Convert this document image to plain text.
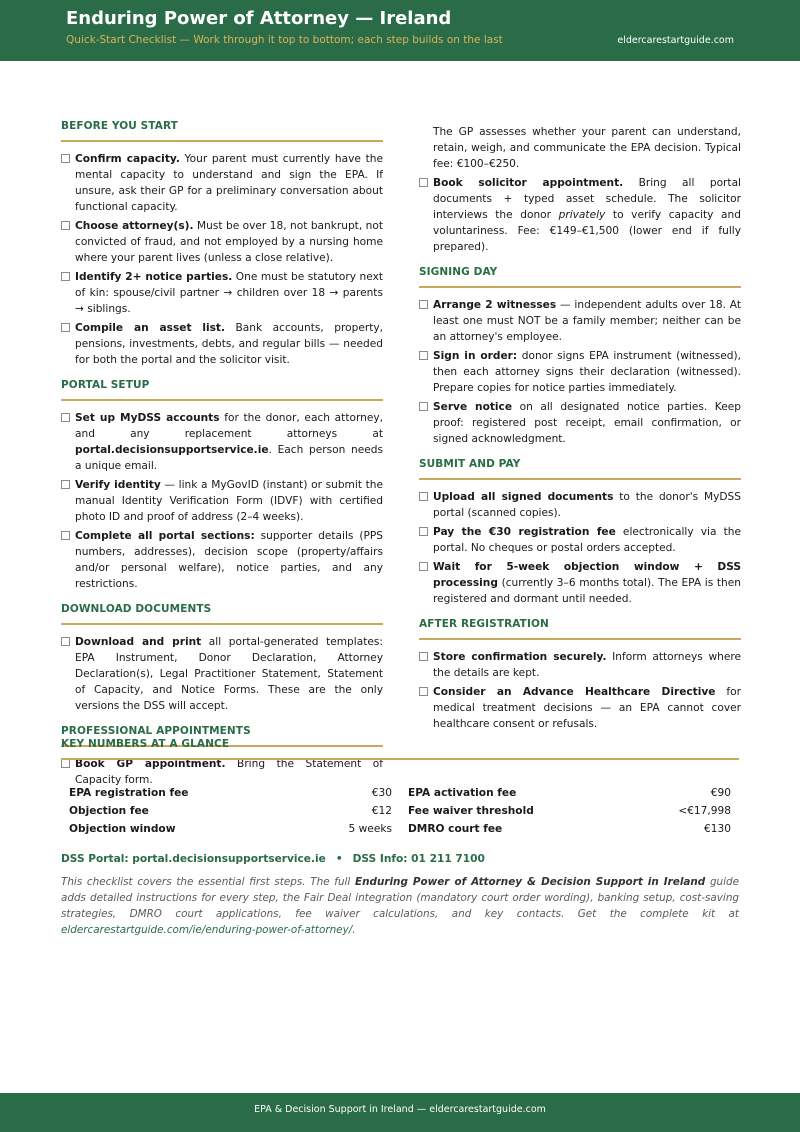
Enduring Power of Attorney — Ireland
Quick-Start Checklist — Work through it top to bottom; each step builds on the last	eldercarestartguide.com
BEFORE YOU START
Confirm capacity. Your parent must currently have the mental capacity to understand and sign the EPA. If unsure, ask their GP for a preliminary conversation about functional capacity.
Choose attorney(s). Must be over 18, not bankrupt, not convicted of fraud, and not employed by a nursing home where your parent lives (unless a close relative).
Identify 2+ notice parties. One must be statutory next of kin: spouse/civil partner → children over 18 → parents → siblings.
Compile an asset list. Bank accounts, property, pensions, investments, debts, and regular bills — needed for both the portal and the solicitor visit.
PORTAL SETUP
Set up MyDSS accounts for the donor, each attorney, and any replacement attorneys at portal.decisionsupportservice.ie. Each person needs a unique email.
Verify identity — link a MyGovID (instant) or submit the manual Identity Verification Form (IDVF) with certified photo ID and proof of address (2–4 weeks).
Complete all portal sections: supporter details (PPS numbers, addresses), decision scope (property/affairs and/or personal welfare), notice parties, and any restrictions.
DOWNLOAD DOCUMENTS
Download and print all portal-generated templates: EPA Instrument, Donor Declaration, Attorney Declaration(s), Legal Practitioner Statement, Statement of Capacity, and Notice Forms. These are the only versions the DSS will accept.
PROFESSIONAL APPOINTMENTS
Book GP appointment. Bring the Statement of Capacity form.
The GP assesses whether your parent can understand, retain, weigh, and communicate the EPA decision. Typical fee: €100–€250.
Book solicitor appointment. Bring all portal documents + typed asset schedule. The solicitor interviews the donor privately to verify capacity and voluntariness. Fee: €149–€1,500 (lower end if fully prepared).
SIGNING DAY
Arrange 2 witnesses — independent adults over 18. At least one must NOT be a family member; neither can be an attorney's employee.
Sign in order: donor signs EPA instrument (witnessed), then each attorney signs their declaration (witnessed). Prepare copies for notice parties immediately.
Serve notice on all designated notice parties. Keep proof: registered post receipt, email confirmation, or signed acknowledgment.
SUBMIT AND PAY
Upload all signed documents to the donor's MyDSS portal (scanned copies).
Pay the €30 registration fee electronically via the portal. No cheques or postal orders accepted.
Wait for 5-week objection window + DSS processing (currently 3–6 months total). The EPA is then registered and dormant until needed.
AFTER REGISTRATION
Store confirmation securely. Inform attorneys where the details are kept.
Consider an Advance Healthcare Directive for medical treatment decisions — an EPA cannot cover healthcare consent or refusals.
KEY NUMBERS AT A GLANCE
EPA registration fee	€30
Objection fee	€12
Objection window	5 weeks
EPA activation fee	€90
Fee waiver threshold	<€17,998
DMRO court fee	€130
DSS Portal: portal.decisionsupportservice.ie • DSS Info: 01 211 7100
This checklist covers the essential first steps. The full Enduring Power of Attorney & Decision Support in Ireland guide adds detailed instructions for every step, the Fair Deal integration (mandatory court order wording), banking setup, cost-saving strategies, DMRO court applications, fee waiver calculations, and key contacts. Get the complete kit at eldercarestartguide.com/ie/enduring-power-of-attorney/.
EPA & Decision Support in Ireland — eldercarestartguide.com
